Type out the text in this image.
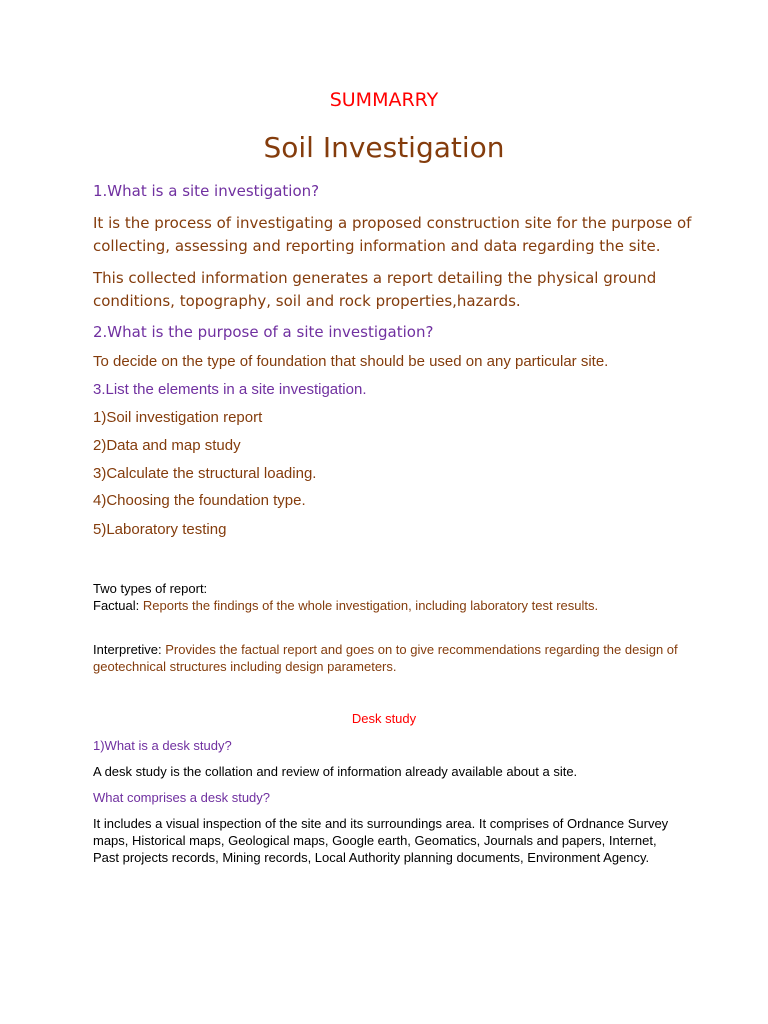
SUMMARRY

Soil Investigation

1.What is a site investigation?

It is the process of investigating a proposed construction site for the purpose of collecting, assessing and reporting information and data regarding the site.

This collected information generates a report detailing the physical ground conditions, topography, soil and rock properties,hazards.

2.What is the purpose of a site investigation?

To decide on the type of foundation that should be used on any particular site.

3.List the elements in a site investigation.

1)Soil investigation report

2)Data and map study

3)Calculate the structural loading.

4)Choosing the foundation type.

5)Laboratory testing

Two types of report:

Factual: Reports the findings of the whole investigation, including laboratory test results.

Interpretive: Provides the factual report and goes on to give recommendations regarding the design of geotechnical structures including design parameters.

Desk study

1)What is a desk study?

A desk study is the collation and review of information already available about a site.

What comprises a desk study?

It includes a visual inspection of the site and its surroundings area. It comprises of Ordnance Survey maps, Historical maps, Geological maps, Google earth, Geomatics, Journals and papers, Internet, Past projects records, Mining records, Local Authority planning documents, Environment Agency.
